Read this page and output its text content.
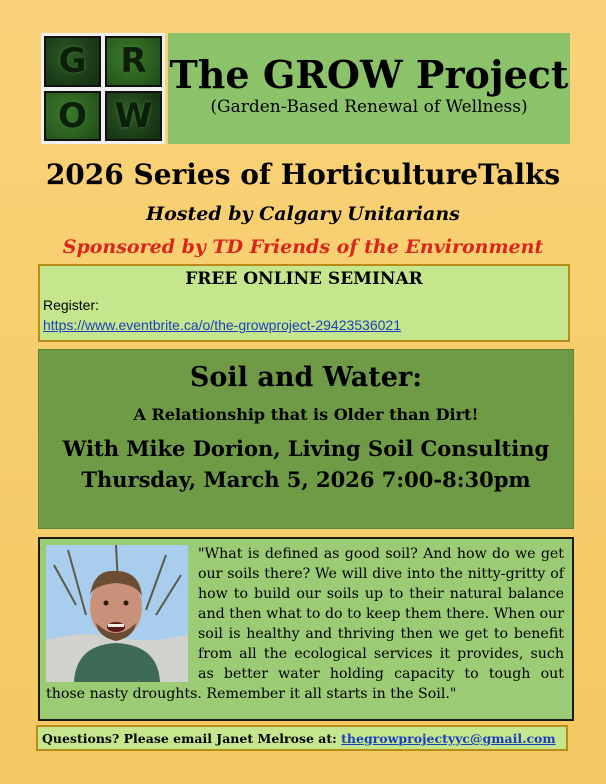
G R
O W
The GROW Project
(Garden-Based Renewal of Wellness)
2026 Series of HorticultureTalks
Hosted by Calgary Unitarians
Sponsored by TD Friends of the Environment
FREE ONLINE SEMINAR
Register:
https://www.eventbrite.ca/o/the-growproject-29423536021
Soil and Water:
A Relationship that is Older than Dirt!
With Mike Dorion, Living Soil Consulting
Thursday, March 5, 2026 7:00-8:30pm
"What is defined as good soil? And how do we get our soils there? We will dive into the nitty-gritty of how to build our soils up to their natural balance and then what to do to keep them there. When our soil is healthy and thriving then we get to benefit from all the ecological services it provides, such as better water holding capacity to tough out those nasty droughts. Remember it all starts in the Soil."
Questions? Please email Janet Melrose at: thegrowprojectyyc@gmail.com
